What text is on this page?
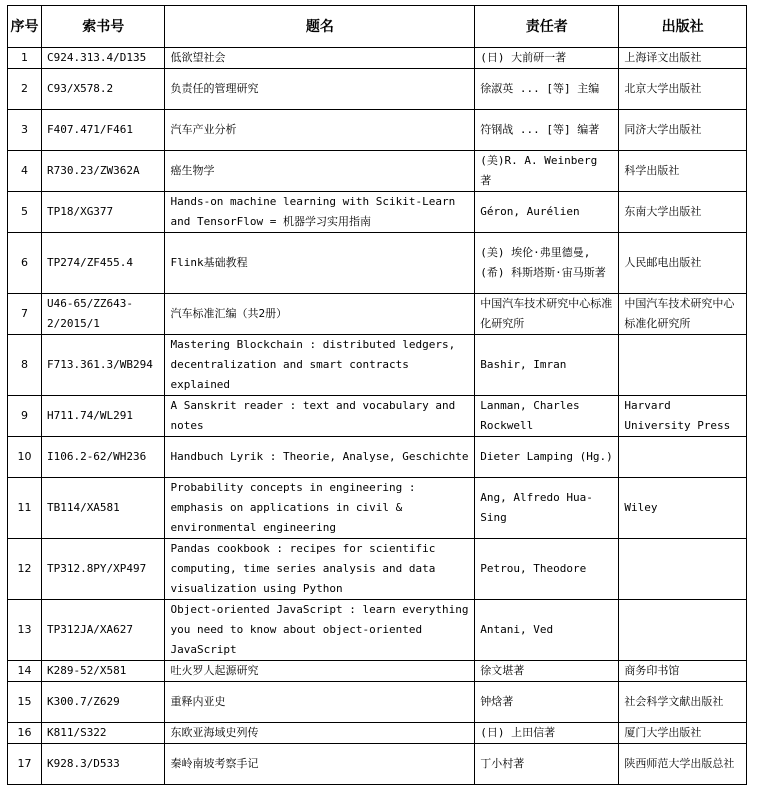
序号	索书号	题名	责任者	出版社
1	C924.313.4/D135	低欲望社会	(日) 大前研一著	上海译文出版社
2	C93/X578.2	负责任的管理研究	徐淑英 ... [等] 主编	北京大学出版社
3	F407.471/F461	汽车产业分析	符钢战 ... [等] 编著	同济大学出版社
4	R730.23/ZW362A	癌生物学	(美)R. A. Weinberg 著	科学出版社
5	TP18/XG377	Hands-on machine learning with Scikit-Learn and TensorFlow = 机器学习实用指南	Géron, Aurélien	东南大学出版社
6	TP274/ZF455.4	Flink基础教程	(美) 埃伦·弗里德曼, (希) 科斯塔斯·宙马斯著	人民邮电出版社
7	U46-65/ZZ643-2/2015/1	汽车标准汇编（共2册）	中国汽车技术研究中心标准化研究所	中国汽车技术研究中心标准化研究所
8	F713.361.3/WB294	Mastering Blockchain : distributed ledgers, decentralization and smart contracts explained	Bashir, Imran	
9	H711.74/WL291	A Sanskrit reader : text and vocabulary and notes	Lanman, Charles Rockwell	Harvard University Press
10	I106.2-62/WH236	Handbuch Lyrik : Theorie, Analyse, Geschichte	Dieter Lamping (Hg.)	
11	TB114/XA581	Probability concepts in engineering : emphasis on applications in civil & environmental engineering	Ang, Alfredo Hua-Sing	Wiley
12	TP312.8PY/XP497	Pandas cookbook : recipes for scientific computing, time series analysis and data visualization using Python	Petrou, Theodore	
13	TP312JA/XA627	Object-oriented JavaScript : learn everything you need to know about object-oriented JavaScript	Antani, Ved	
14	K289-52/X581	吐火罗人起源研究	徐文堪著	商务印书馆
15	K300.7/Z629	重释内亚史	钟焓著	社会科学文献出版社
16	K811/S322	东欧亚海域史列传	(日) 上田信著	厦门大学出版社
17	K928.3/D533	秦岭南坡考察手记	丁小村著	陕西师范大学出版总社
